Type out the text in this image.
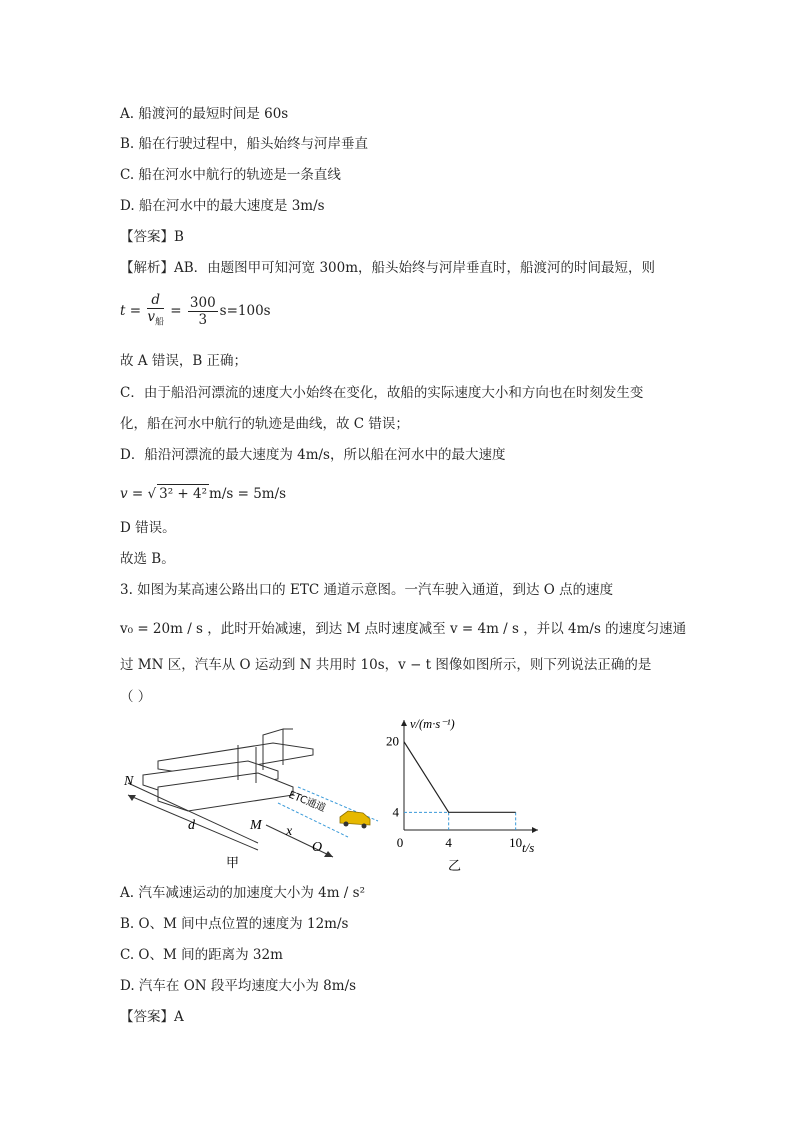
A. 船渡河的最短时间是 60s
B. 船在行驶过程中，船头始终与河岸垂直
C. 船在河水中航行的轨迹是一条直线
D. 船在河水中的最大速度是 3m/s
【答案】B
【解析】AB．由题图甲可知河宽 300m，船头始终与河岸垂直时，船渡河的时间最短，则
$t = \frac{d}{v_船} = \frac{300}{3} s=100s$
故 A 错误，B 正确；
C．由于船沿河漂流的速度大小始终在变化，故船的实际速度大小和方向也在时刻发生变
化，船在河水中航行的轨迹是曲线，故 C 错误；
D．船沿河漂流的最大速度为 4m/s，所以船在河水中的最大速度
v = √ 3² + 4² m/s = 5m/s
D 错误。
故选 B。
3. 如图为某高速公路出口的 ETC 通道示意图。一汽车驶入通道，到达 O 点的速度
v₀ = 20m / s ，此时开始减速，到达 M 点时速度减至 v = 4m / s ，并以 4m/s 的速度匀速通
过 MN 区，汽车从 O 运动到 N 共用时 10s，v − t 图像如图所示，则下列说法正确的是
（ ）
N
d	M x
O
ETC通道
甲
20
4
0	4	10
v/(m·s⁻¹)
t/s
乙
A. 汽车减速运动的加速度大小为 4m / s²
B. O、M 间中点位置的速度为 12m/s
C. O、M 间的距离为 32m
D. 汽车在 ON 段平均速度大小为 8m/s
【答案】A
